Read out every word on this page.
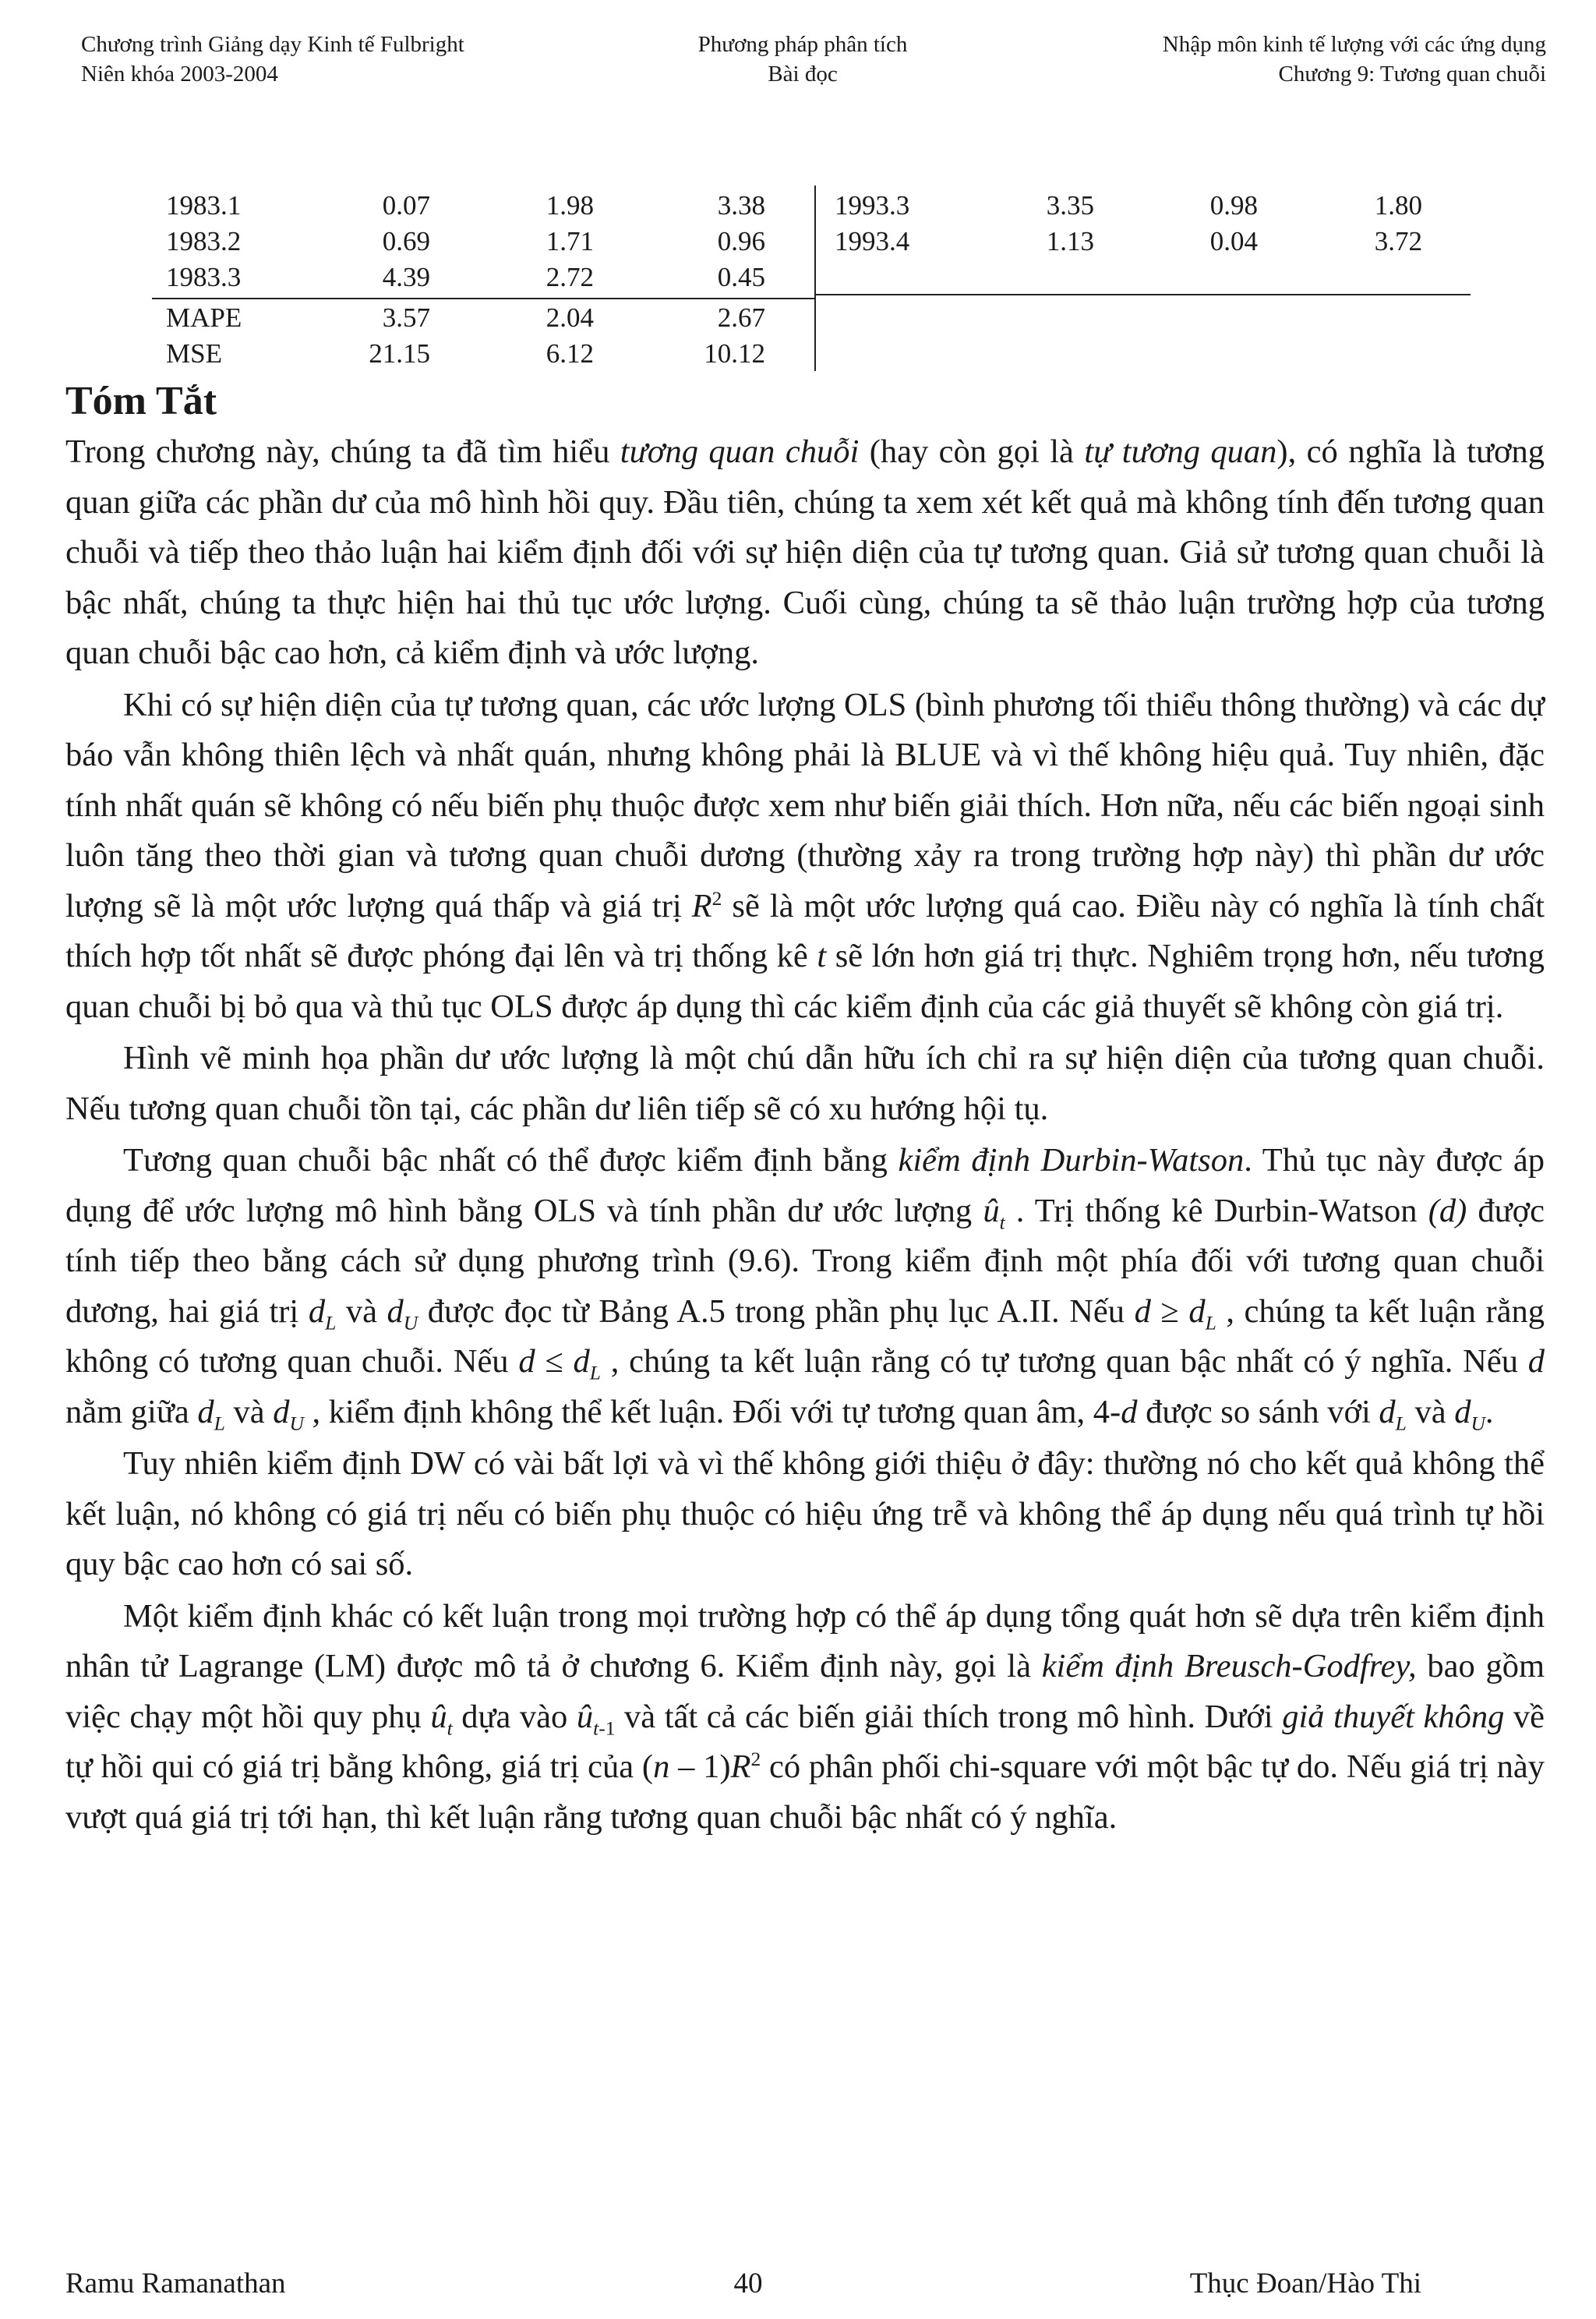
Chương trình Giảng dạy Kinh tế Fulbright
Niên khóa 2003-2004
Phương pháp phân tích
Bài đọc
Nhập môn kinh tế lượng với các ứng dụng
Chương 9: Tương quan chuỗi
1983.1	0.07	1.98	3.38	1993.3	3.35	0.98	1.80
1983.2	0.69	1.71	0.96	1993.4	1.13	0.04	3.72
1983.3	4.39	2.72	0.45
MAPE	3.57	2.04	2.67
MSE	21.15	6.12	10.12
Tóm Tắt

Trong chương này, chúng ta đã tìm hiểu tương quan chuỗi (hay còn gọi là tự tương quan), có nghĩa là tương quan giữa các phần dư của mô hình hồi quy. Đầu tiên, chúng ta xem xét kết quả mà không tính đến tương quan chuỗi và tiếp theo thảo luận hai kiểm định đối với sự hiện diện của tự tương quan. Giả sử tương quan chuỗi là bậc nhất, chúng ta thực hiện hai thủ tục ước lượng. Cuối cùng, chúng ta sẽ thảo luận trường hợp của tương quan chuỗi bậc cao hơn, cả kiểm định và ước lượng.

Khi có sự hiện diện của tự tương quan, các ước lượng OLS (bình phương tối thiểu thông thường) và các dự báo vẫn không thiên lệch và nhất quán, nhưng không phải là BLUE và vì thế không hiệu quả. Tuy nhiên, đặc tính nhất quán sẽ không có nếu biến phụ thuộc được xem như biến giải thích. Hơn nữa, nếu các biến ngoại sinh luôn tăng theo thời gian và tương quan chuỗi dương (thường xảy ra trong trường hợp này) thì phần dư ước lượng sẽ là một ước lượng quá thấp và giá trị $R^2$ sẽ là một ước lượng quá cao. Điều này có nghĩa là tính chất thích hợp tốt nhất sẽ được phóng đại lên và trị thống kê t sẽ lớn hơn giá trị thực. Nghiêm trọng hơn, nếu tương quan chuỗi bị bỏ qua và thủ tục OLS được áp dụng thì các kiểm định của các giả thuyết sẽ không còn giá trị.

Hình vẽ minh họa phần dư ước lượng là một chú dẫn hữu ích chỉ ra sự hiện diện của tương quan chuỗi. Nếu tương quan chuỗi tồn tại, các phần dư liên tiếp sẽ có xu hướng hội tụ.

Tương quan chuỗi bậc nhất có thể được kiểm định bằng kiểm định Durbin-Watson. Thủ tục này được áp dụng để ước lượng mô hình bằng OLS và tính phần dư ước lượng $û_t$ . Trị thống kê Durbin-Watson (d) được tính tiếp theo bằng cách sử dụng phương trình (9.6). Trong kiểm định một phía đối với tương quan chuỗi dương, hai giá trị $d_L$ và $d_U$ được đọc từ Bảng A.5 trong phần phụ lục A.II. Nếu $d \ge d_L$ , chúng ta kết luận rằng không có tương quan chuỗi. Nếu $d \le d_L$ , chúng ta kết luận rằng có tự tương quan bậc nhất có ý nghĩa. Nếu d nằm giữa $d_L$ và $d_U$ , kiểm định không thể kết luận. Đối với tự tương quan âm, 4-d được so sánh với $d_L$ và $d_U$.

Tuy nhiên kiểm định DW có vài bất lợi và vì thế không giới thiệu ở đây: thường nó cho kết quả không thể kết luận, nó không có giá trị nếu có biến phụ thuộc có hiệu ứng trễ và không thể áp dụng nếu quá trình tự hồi quy bậc cao hơn có sai số.

Một kiểm định khác có kết luận trong mọi trường hợp có thể áp dụng tổng quát hơn sẽ dựa trên kiểm định nhân tử Lagrange (LM) được mô tả ở chương 6. Kiểm định này, gọi là kiểm định Breusch-Godfrey, bao gồm việc chạy một hồi quy phụ $û_t$ dựa vào $û_{t-1}$ và tất cả các biến giải thích trong mô hình. Dưới giả thuyết không về tự hồi qui có giá trị bằng không, giá trị của $(n - 1)R^2$ có phân phối chi-square với một bậc tự do. Nếu giá trị này vượt quá giá trị tới hạn, thì kết luận rằng tương quan chuỗi bậc nhất có ý nghĩa.

Ramu Ramanathan	40	Thục Đoan/Hào Thi
